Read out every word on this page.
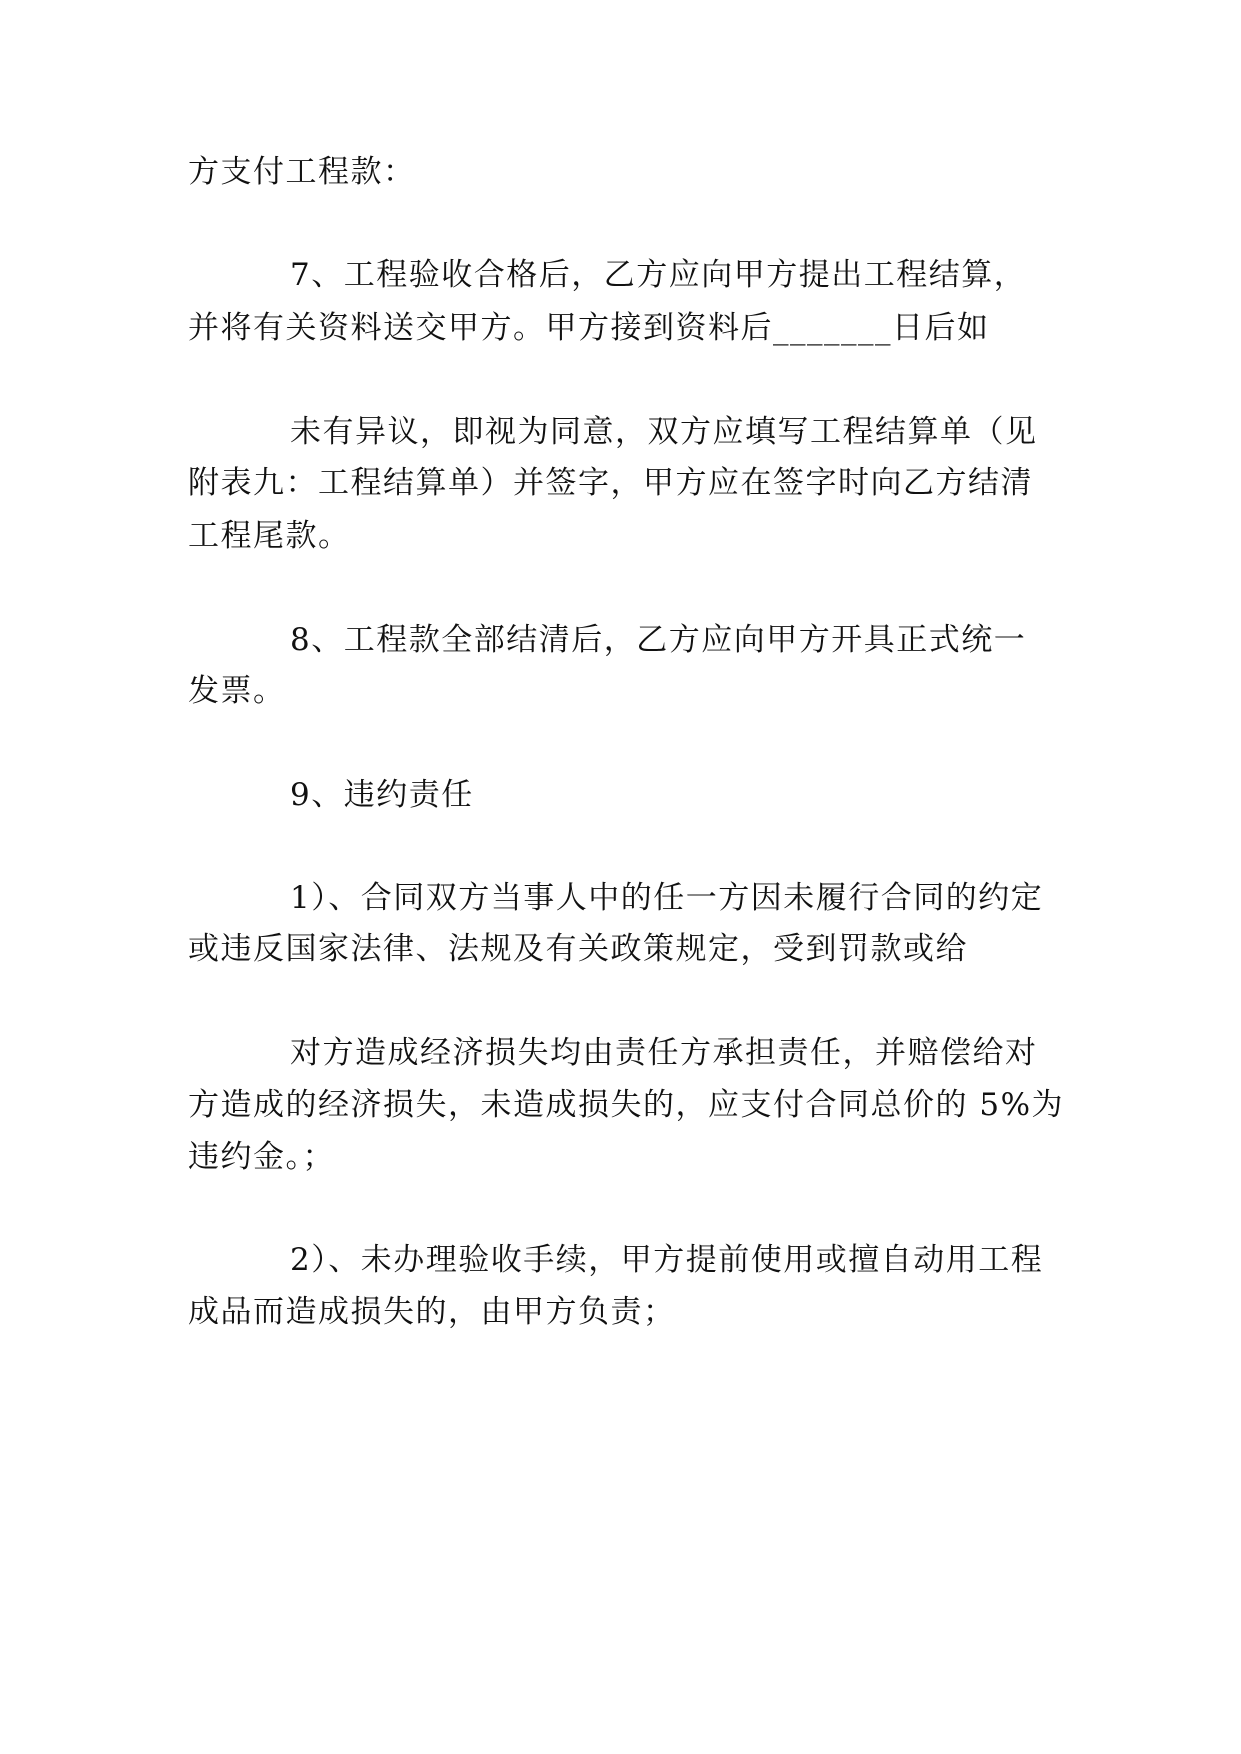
方支付工程款：

7、工程验收合格后，乙方应向甲方提出工程结算，

并将有关资料送交甲方。甲方接到资料后_______日后如

未有异议，即视为同意，双方应填写工程结算单（见

附表九：工程结算单）并签字，甲方应在签字时向乙方结清

工程尾款。

8、工程款全部结清后，乙方应向甲方开具正式统一

发票。

9、违约责任

1）、合同双方当事人中的任一方因未履行合同的约定

或违反国家法律、法规及有关政策规定，受到罚款或给

对方造成经济损失均由责任方承担责任，并赔偿给对

方造成的经济损失，未造成损失的，应支付合同总价的 5%为

违约金。；

2）、未办理验收手续，甲方提前使用或擅自动用工程

成品而造成损失的，由甲方负责；
